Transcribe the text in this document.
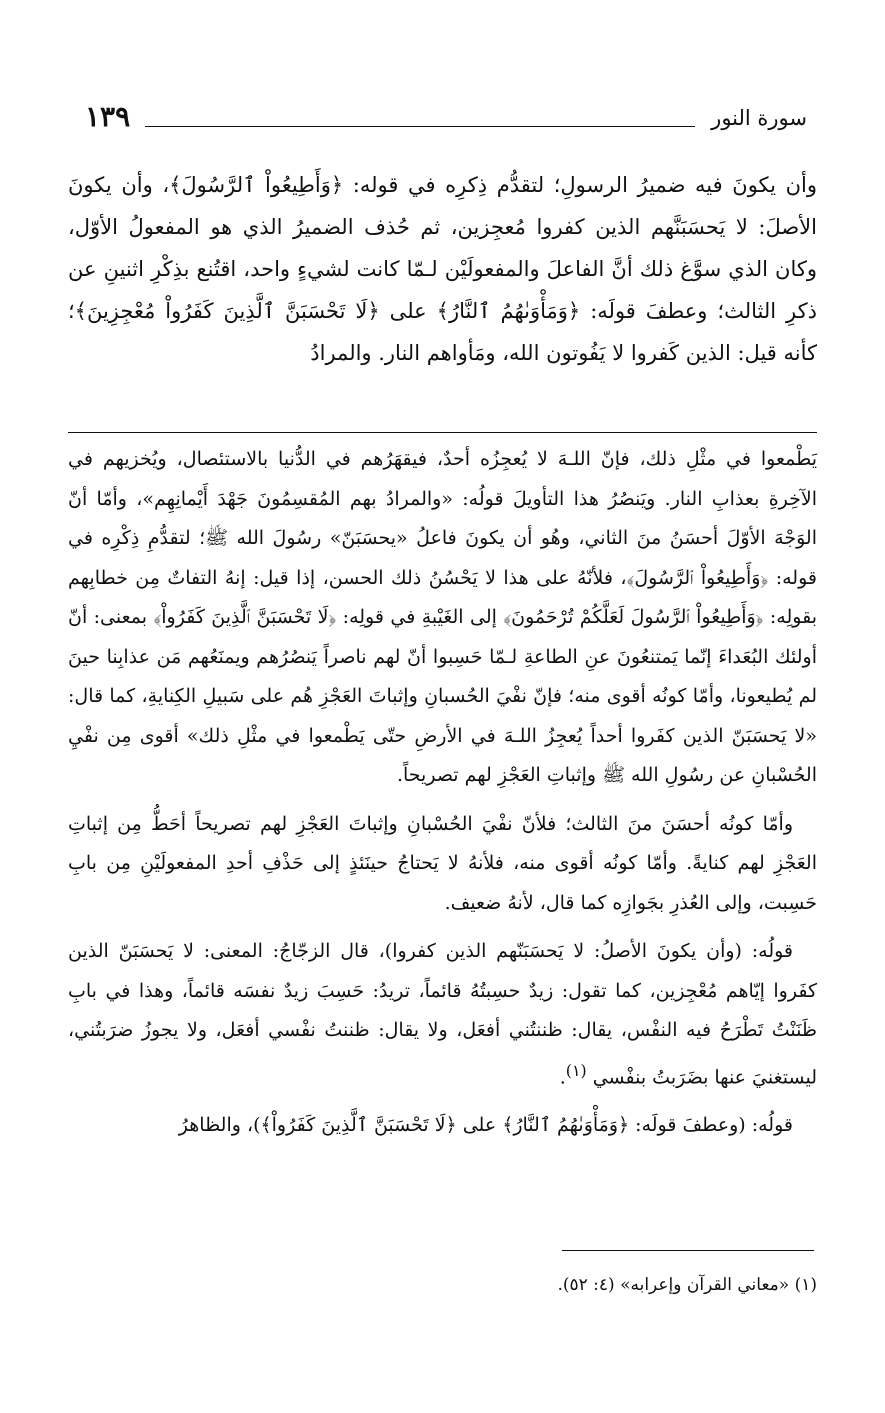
سورة النور
١٣٩

وأن يكونَ فيه ضميرُ الرسولِ؛ لتقدُّم ذِكرِه في قوله: ﴿وَأَطِيعُواْ ٱلرَّسُولَ﴾، وأن يكونَ الأصلَ: لا يَحسَبَنَّهم الذين كفروا مُعجِزين، ثم حُذف الضميرُ الذي هو المفعولُ الأوّل، وكان الذي سوَّغ ذلك أنَّ الفاعلَ والمفعولَيْن لـمّا كانت لشيءٍ واحد، اقتُنع بذِكْرِ اثنينِ عن ذكرِ الثالث؛ وعطفَ قولَه: ﴿وَمَأْوَىٰهُمُ ٱلنَّارُ﴾ على ﴿لَا تَحْسَبَنَّ ٱلَّذِينَ كَفَرُواْ مُعْجِزِينَ﴾؛ كأنه قيل: الذين كَفروا لا يَفُوتون الله، ومَأواهم النار. والمرادُ

يَطْمعوا في مثْلِ ذلك، فإنّ اللـهَ لا يُعجِزُه أحدٌ، فيقهَرُهم في الدُّنيا بالاستئصال، ويُخزيهم في الآخِرةِ بعذابِ النار. ويَنصُرُ هذا التأويلَ قولُه: «والمرادُ بهم المُقسِمُونَ جَهْدَ أَيْمانِهِم»، وأمّا أنّ الوَجْهَ الأوّلَ أحسَنُ منَ الثاني، وهُو أن يكونَ فاعلُ «يحسَبَنّ» رسُولَ الله ﷺ؛ لتقدُّمِ ذِكْرِه في قوله: ﴿وَأَطِيعُواْ ٱلرَّسُولَ﴾، فلأنّهُ على هذا لا يَحْسُنُ ذلك الحسن، إذا قيل: إنهُ التفاتٌ مِن خطابِهم بقولِه: ﴿وَأَطِيعُواْ ٱلرَّسُولَ لَعَلَّكُمْ تُرْحَمُونَ﴾ إلى الغَيْبةِ في قولِه: ﴿لَا تَحْسَبَنَّ ٱلَّذِينَ كَفَرُواْ﴾ بمعنى: أنّ أولئك البُعَداءَ إنّما يَمتنعُونَ عنِ الطاعةِ لـمّا حَسِبوا أنّ لهم ناصراً يَنصُرُهم ويمنَعُهم مَن عذابِنا حينَ لم يُطيعونا، وأمّا كونُه أقوى منه؛ فإنّ نفْيَ الحُسبانِ وإثباتَ العَجْزِ هُم على سَبيلِ الكِنايةِ، كما قال: «لا يَحسَبَنّ الذين كفَروا أحداً يُعجِزُ اللـهَ في الأرضِ حتّى يَطْمعوا في مثْلِ ذلك» أقوى مِن نفْيِ الحُسْبانِ عن رسُولِ الله ﷺ وإثباتِ العَجْزِ لهم تصريحاً.

وأمّا كونُه أحسَنَ منَ الثالث؛ فلأنّ نفْيَ الحُسْبانِ وإثباتَ العَجْزِ لهم تصريحاً أحَطُّ مِن إثباتِ العَجْزِ لهم كنايةً. وأمّا كونُه أقوى منه، فلأنهُ لا يَحتاجُ حينَئذٍ إلى حَذْفِ أحدِ المفعولَيْنِ مِن بابِ حَسِبت، وإلى العُذرِ بجَوازِه كما قال، لأنهُ ضعيف.

قولُه: (وأن يكونَ الأصلُ: لا يَحسَبَنّهم الذين كفروا)، قال الزجّاجُ: المعنى: لا يَحسَبَنّ الذين كفَروا إيّاهم مُعْجِزين، كما تقول: زيدٌ حسِبتُهُ قائماً، تريدُ: حَسِبَ زيدٌ نفسَه قائماً، وهذا في بابِ ظَنَنْتُ تَطْرَحُ فيه النفْس، يقال: ظننتُني أفعَل، ولا يقال: ظننتُ نفْسي أفعَل، ولا يجوزُ ضرَبتُني، ليستغنيَ عنها بضَرَبتُ بنفْسي $^{(١)}$.

قولُه: (وعطفَ قولَه: ﴿وَمَأْوَىٰهُمُ ٱلنَّارُ﴾ على ﴿لَا تَحْسَبَنَّ ٱلَّذِينَ كَفَرُواْ﴾)، والظاهرُ

(١) «معاني القرآن وإعرابه» (٤: ٥٢).
